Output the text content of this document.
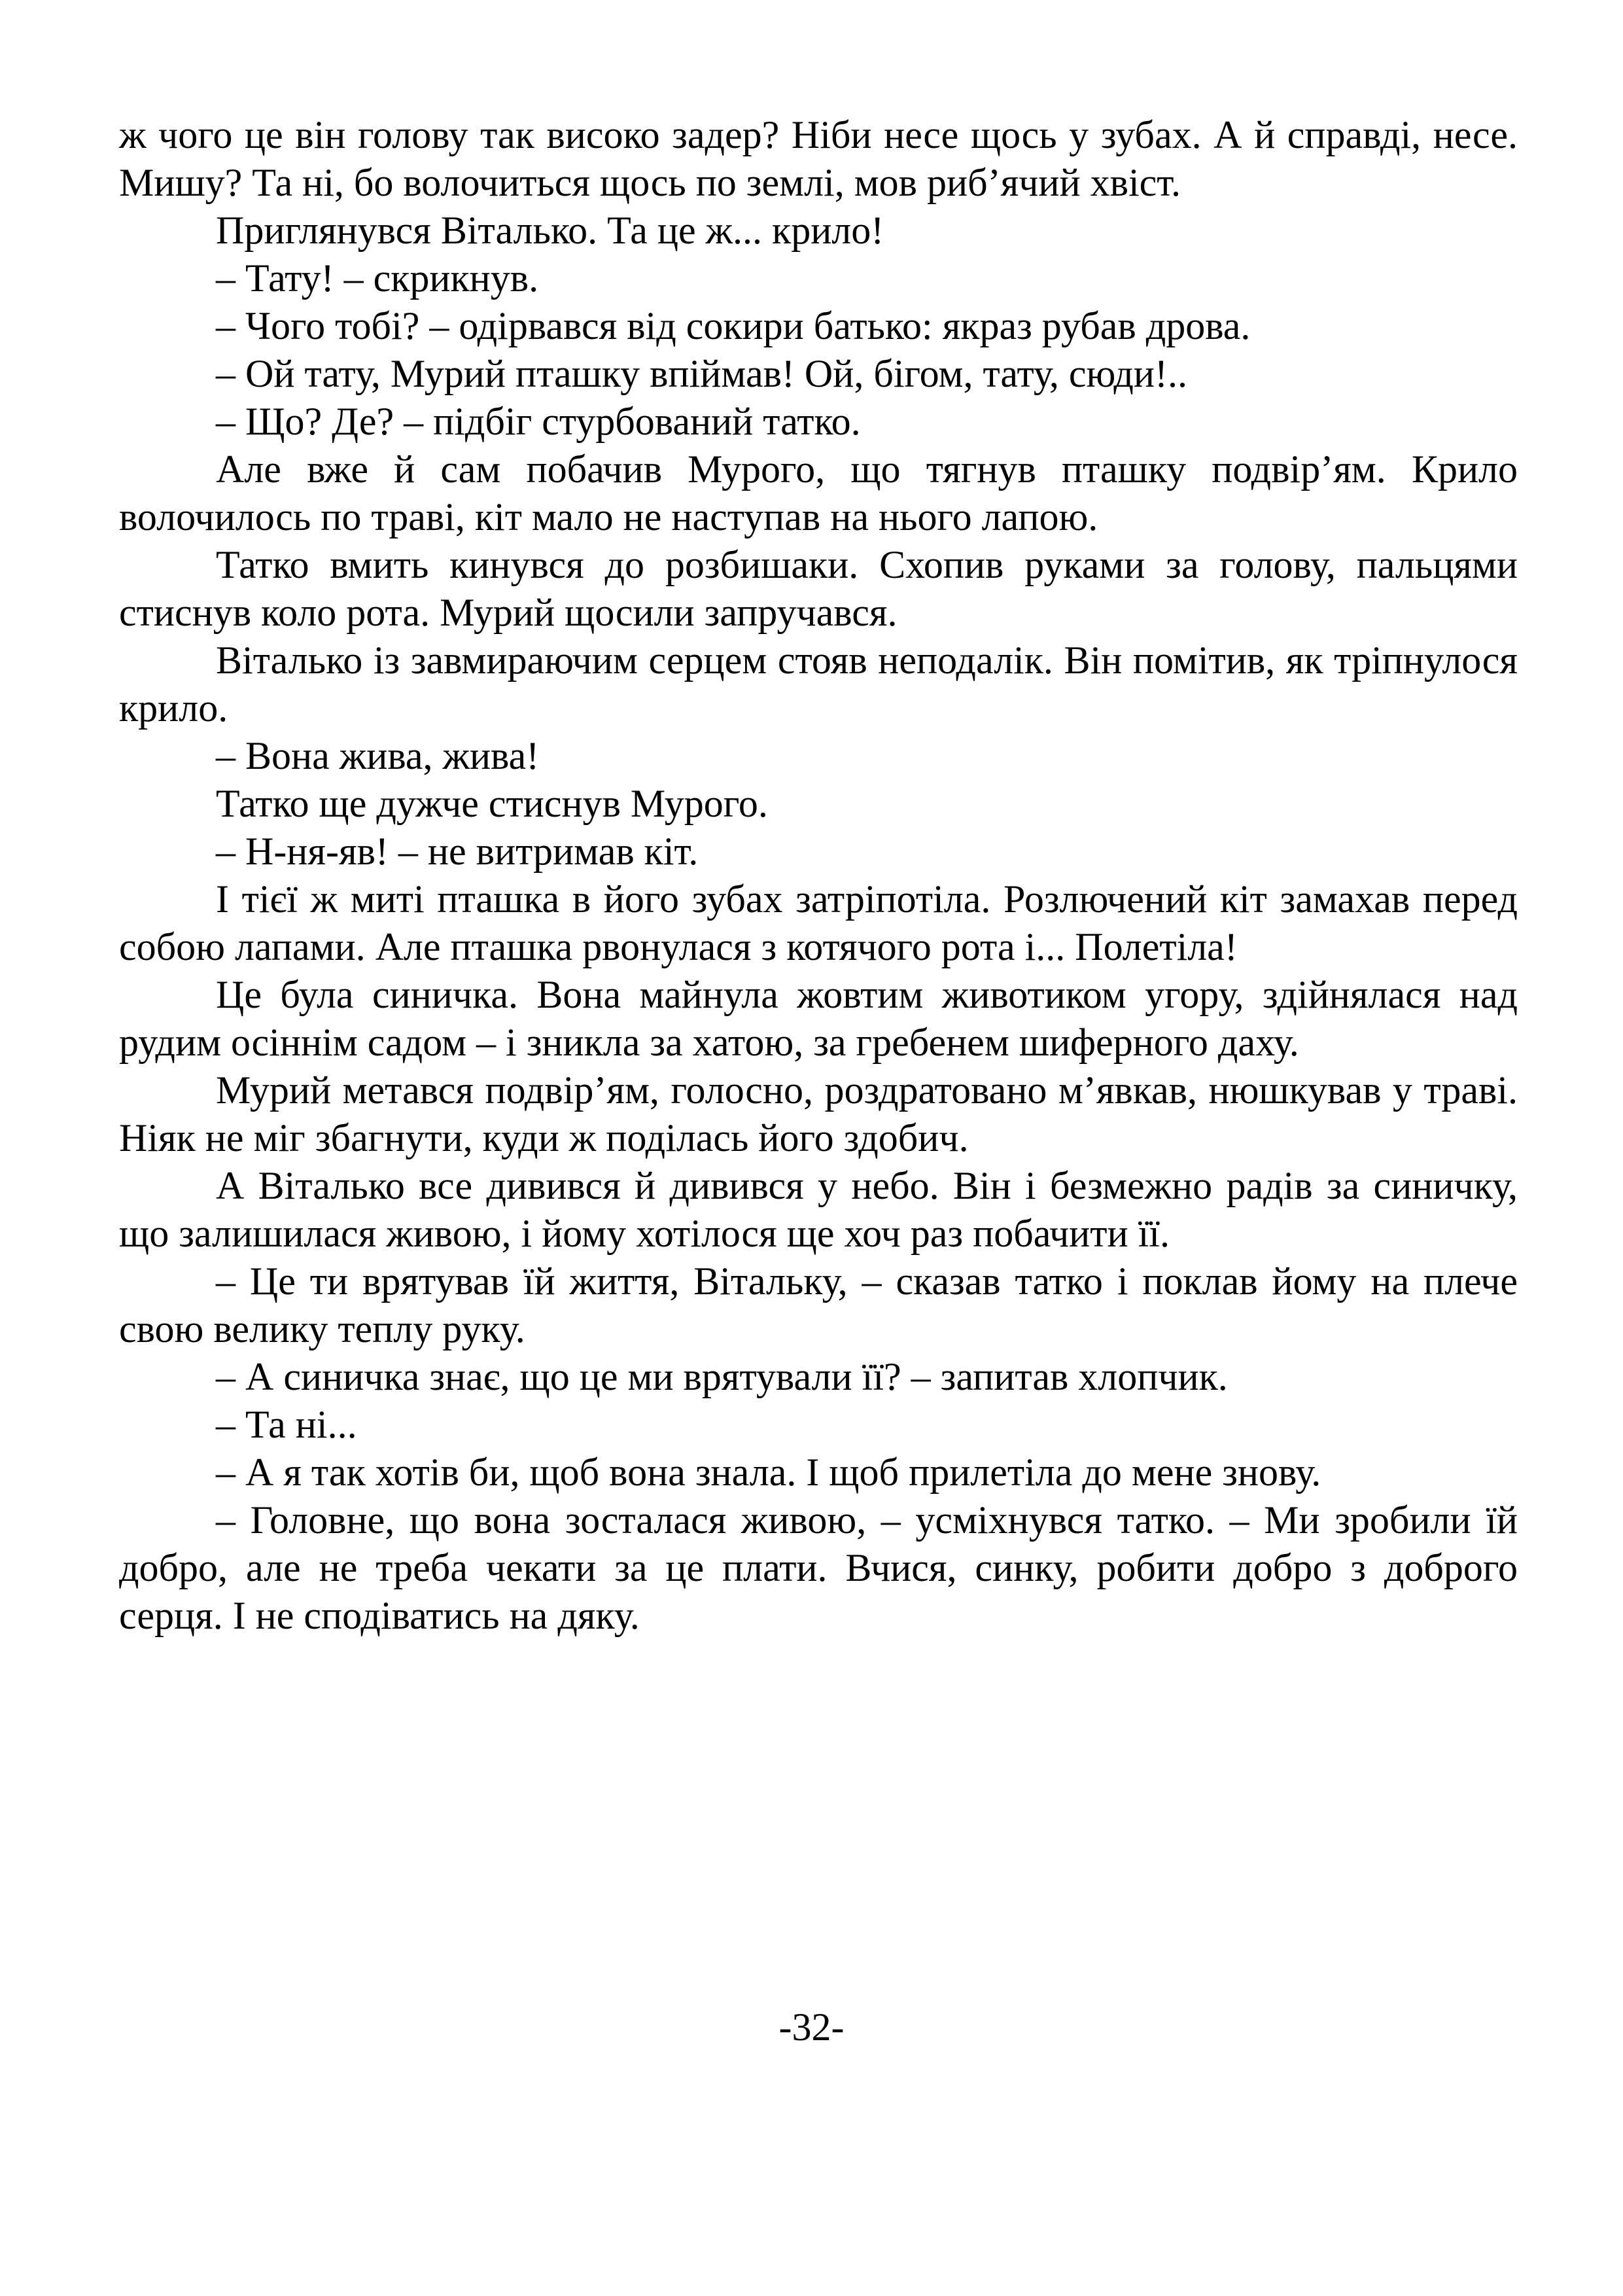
ж чого це він голову так високо задер? Ніби несе щось у зубах. А й справді, несе. Мишу? Та ні, бо волочиться щось по землі, мов риб’ячий хвіст.

Приглянувся Віталько. Та це ж... крило!

– Тату! – скрикнув.

– Чого тобі? – одірвався від сокири батько: якраз рубав дрова.

– Ой тату, Мурий пташку впіймав! Ой, бігом, тату, сюди!..

– Що? Де? – підбіг стурбований татко.

Але вже й сам побачив Мурого, що тягнув пташку подвір’ям. Крило волочилось по траві, кіт мало не наступав на нього лапою.

Татко вмить кинувся до розбишаки. Схопив руками за голову, пальцями стиснув коло рота. Мурий щосили запручався.

Віталько із завмираючим серцем стояв неподалік. Він помітив, як тріпнулося крило.

– Вона жива, жива!

Татко ще дужче стиснув Мурого.

– Н-ня-яв! – не витримав кіт.

І тієї ж миті пташка в його зубах затріпотіла. Розлючений кіт замахав перед собою лапами. Але пташка рвонулася з котячого рота і... Полетіла!

Це була синичка. Вона майнула жовтим животиком угору, здійнялася над рудим осіннім садом – і зникла за хатою, за гребенем шиферного даху.

Мурий метався подвір’ям, голосно, роздратовано м’явкав, нюшкував у траві. Ніяк не міг збагнути, куди ж поділась його здобич.

А Віталько все дивився й дивився у небо. Він і безмежно радів за синичку, що залишилася живою, і йому хотілося ще хоч раз побачити її.

– Це ти врятував їй життя, Вітальку, – сказав татко і поклав йому на плече свою велику теплу руку.

– А синичка знає, що це ми врятували її? – запитав хлопчик.

– Та ні...

– А я так хотів би, щоб вона знала. І щоб прилетіла до мене знову.

– Головне, що вона зосталася живою, – усміхнувся татко. – Ми зробили їй добро, але не треба чекати за це плати. Вчися, синку, робити добро з доброго серця. І не сподіватись на дяку.

-32-
